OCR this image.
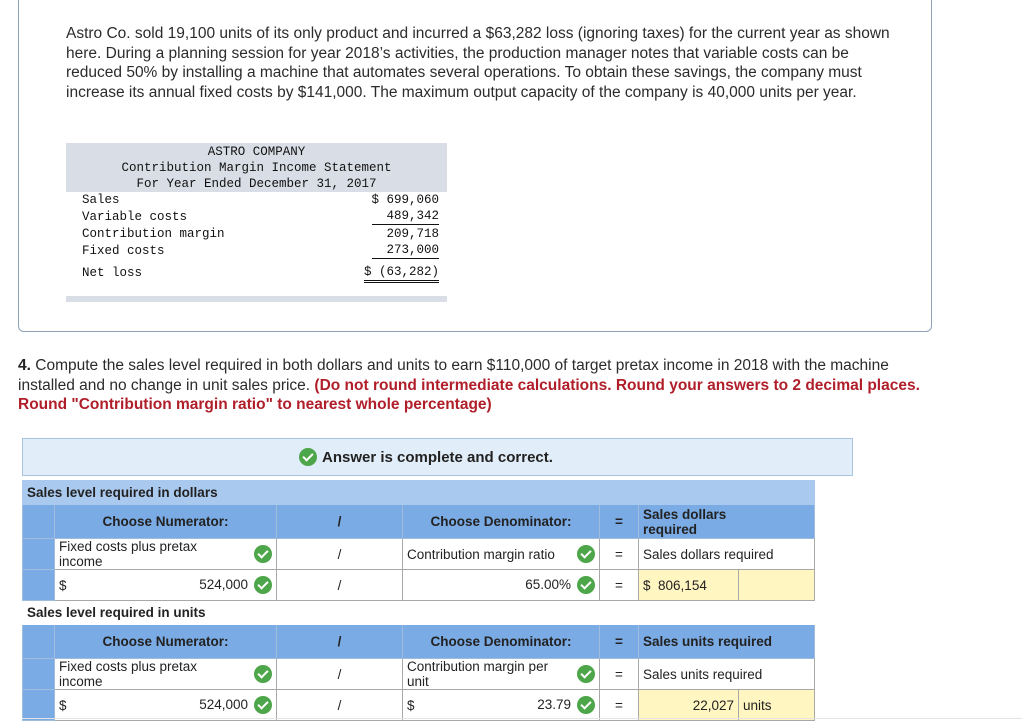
Astro Co. sold 19,100 units of its only product and incurred a $63,282 loss (ignoring taxes) for the current year as shown here. During a planning session for year 2018’s activities, the production manager notes that variable costs can be reduced 50% by installing a machine that automates several operations. To obtain these savings, the company must increase its annual fixed costs by $141,000. The maximum output capacity of the company is 40,000 units per year.

ASTRO COMPANY
Contribution Margin Income Statement
For Year Ended December 31, 2017
Sales	$ 699,060
Variable costs	489,342
Contribution margin	209,718
Fixed costs	273,000
Net loss	$ (63,282)

4. Compute the sales level required in both dollars and units to earn $110,000 of target pretax income in 2018 with the machine installed and no change in unit sales price. (Do not round intermediate calculations. Round your answers to 2 decimal places. Round "Contribution margin ratio" to nearest whole percentage)

Answer is complete and correct.
Sales level required in dollars						
	Choose Numerator:	/	Choose Denominator:	=	Sales dollars required	
	Fixed costs plus pretax income	/	Contribution margin ratio	=	Sales dollars required	
	$ 524,000	/	65.00%	=	$ 806,154	
Sales level required in units						
	Choose Numerator:	/	Choose Denominator:	=	Sales units required	
	Fixed costs plus pretax income	/	Contribution margin per unit	=	Sales units required	
	$ 524,000	/	$ 23.79	=	22,027	units
